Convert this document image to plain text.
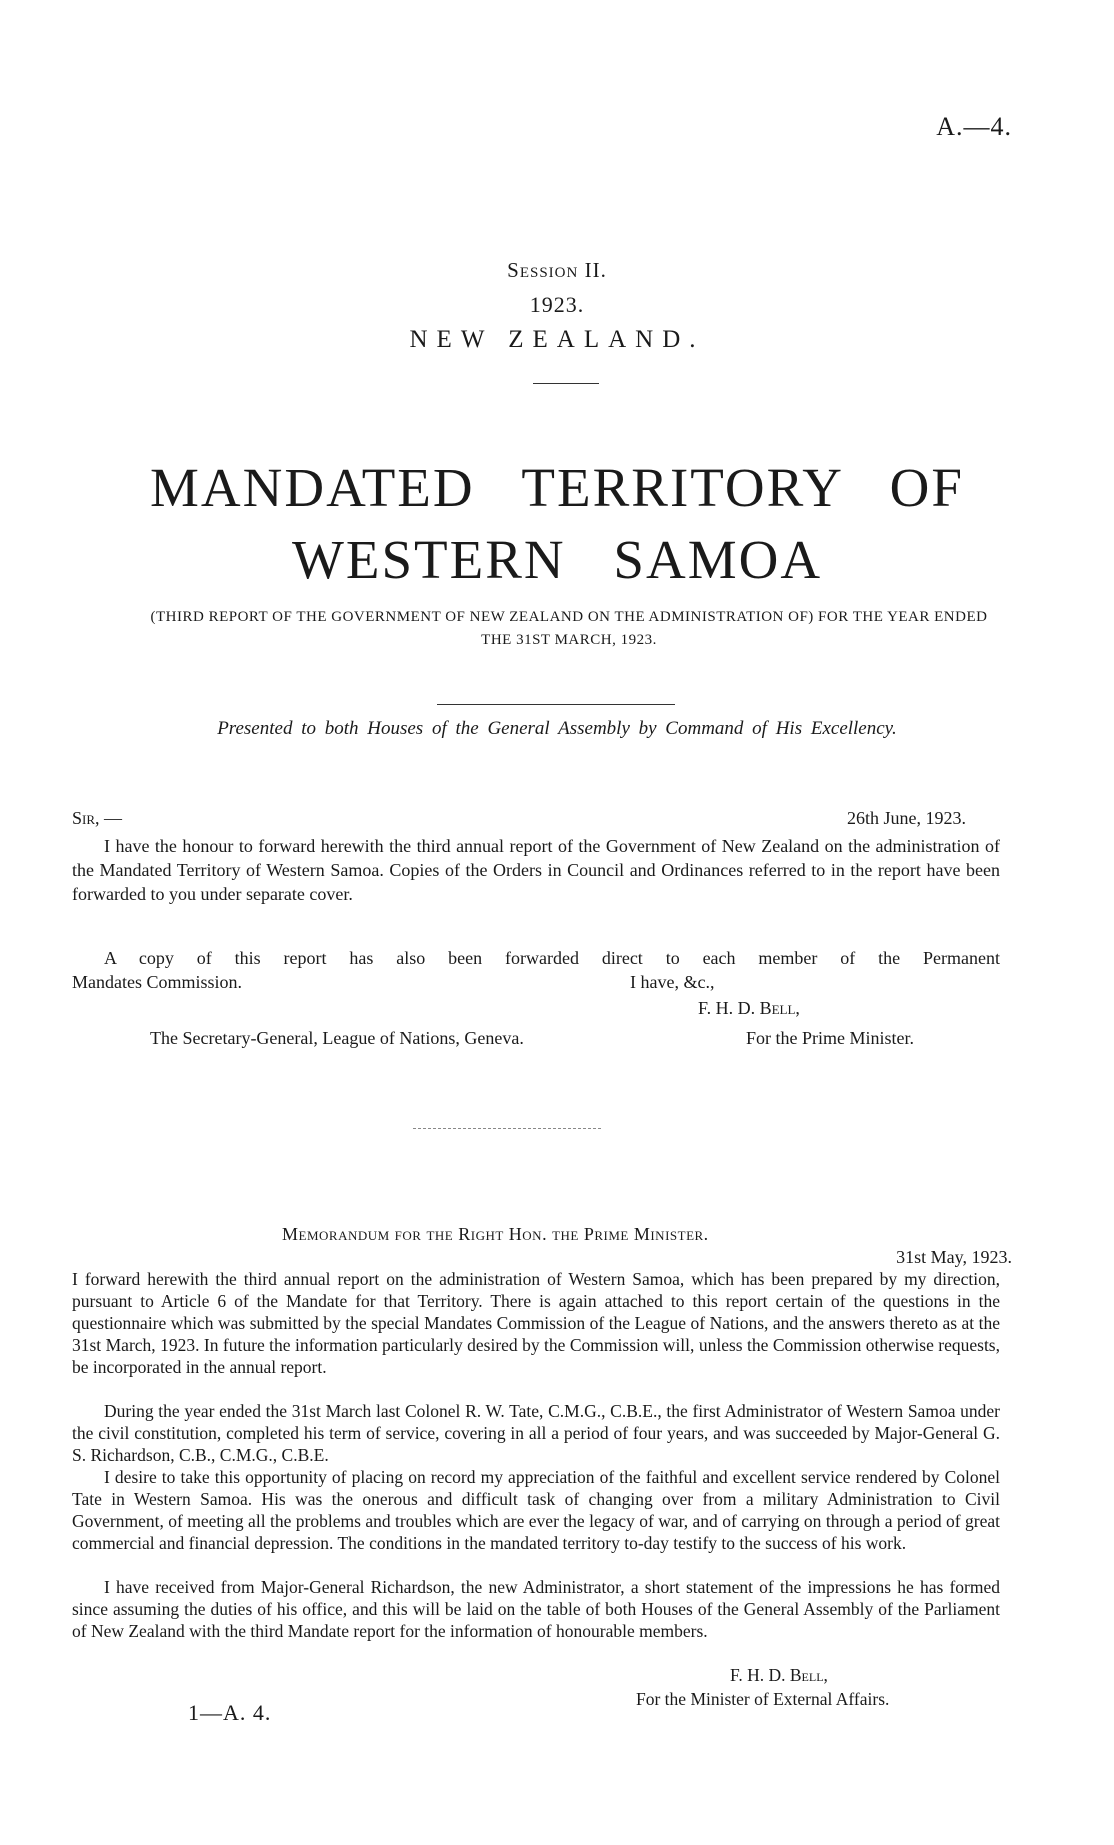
A.—4.
Session II.
1923.
NEW ZEALAND.
MANDATED TERRITORY OF
WESTERN SAMOA
(THIRD REPORT OF THE GOVERNMENT OF NEW ZEALAND ON THE ADMINISTRATION OF) FOR THE YEAR ENDED THE 31ST MARCH, 1923.
Presented to both Houses of the General Assembly by Command of His Excellency.
Sir, —	26th June, 1923.
I have the honour to forward herewith the third annual report of the Government of New Zealand on the administration of the Mandated Territory of Western Samoa. Copies of the Orders in Council and Ordinances referred to in the report have been forwarded to you under separate cover.
A copy of this report has also been forwarded direct to each member of the Permanent
Mandates Commission.	I have, &c.,
F. H. D. Bell,
The Secretary-General, League of Nations, Geneva.	For the Prime Minister.
Memorandum for the Right Hon. the Prime Minister.
31st May, 1923.
I forward herewith the third annual report on the administration of Western Samoa, which has been prepared by my direction, pursuant to Article 6 of the Mandate for that Territory. There is again attached to this report certain of the questions in the questionnaire which was submitted by the special Mandates Commission of the League of Nations, and the answers thereto as at the 31st March, 1923. In future the information particularly desired by the Commission will, unless the Commission otherwise requests, be incorporated in the annual report.
During the year ended the 31st March last Colonel R. W. Tate, C.M.G., C.B.E., the first Administrator of Western Samoa under the civil constitution, completed his term of service, covering in all a period of four years, and was succeeded by Major-General G. S. Richardson, C.B., C.M.G., C.B.E.
I desire to take this opportunity of placing on record my appreciation of the faithful and excellent service rendered by Colonel Tate in Western Samoa. His was the onerous and difficult task of changing over from a military Administration to Civil Government, of meeting all the problems and troubles which are ever the legacy of war, and of carrying on through a period of great commercial and financial depression. The conditions in the mandated territory to-day testify to the success of his work.
I have received from Major-General Richardson, the new Administrator, a short statement of the impressions he has formed since assuming the duties of his office, and this will be laid on the table of both Houses of the General Assembly of the Parliament of New Zealand with the third Mandate report for the information of honourable members.
F. H. D. Bell,
For the Minister of External Affairs.
1—A. 4.
